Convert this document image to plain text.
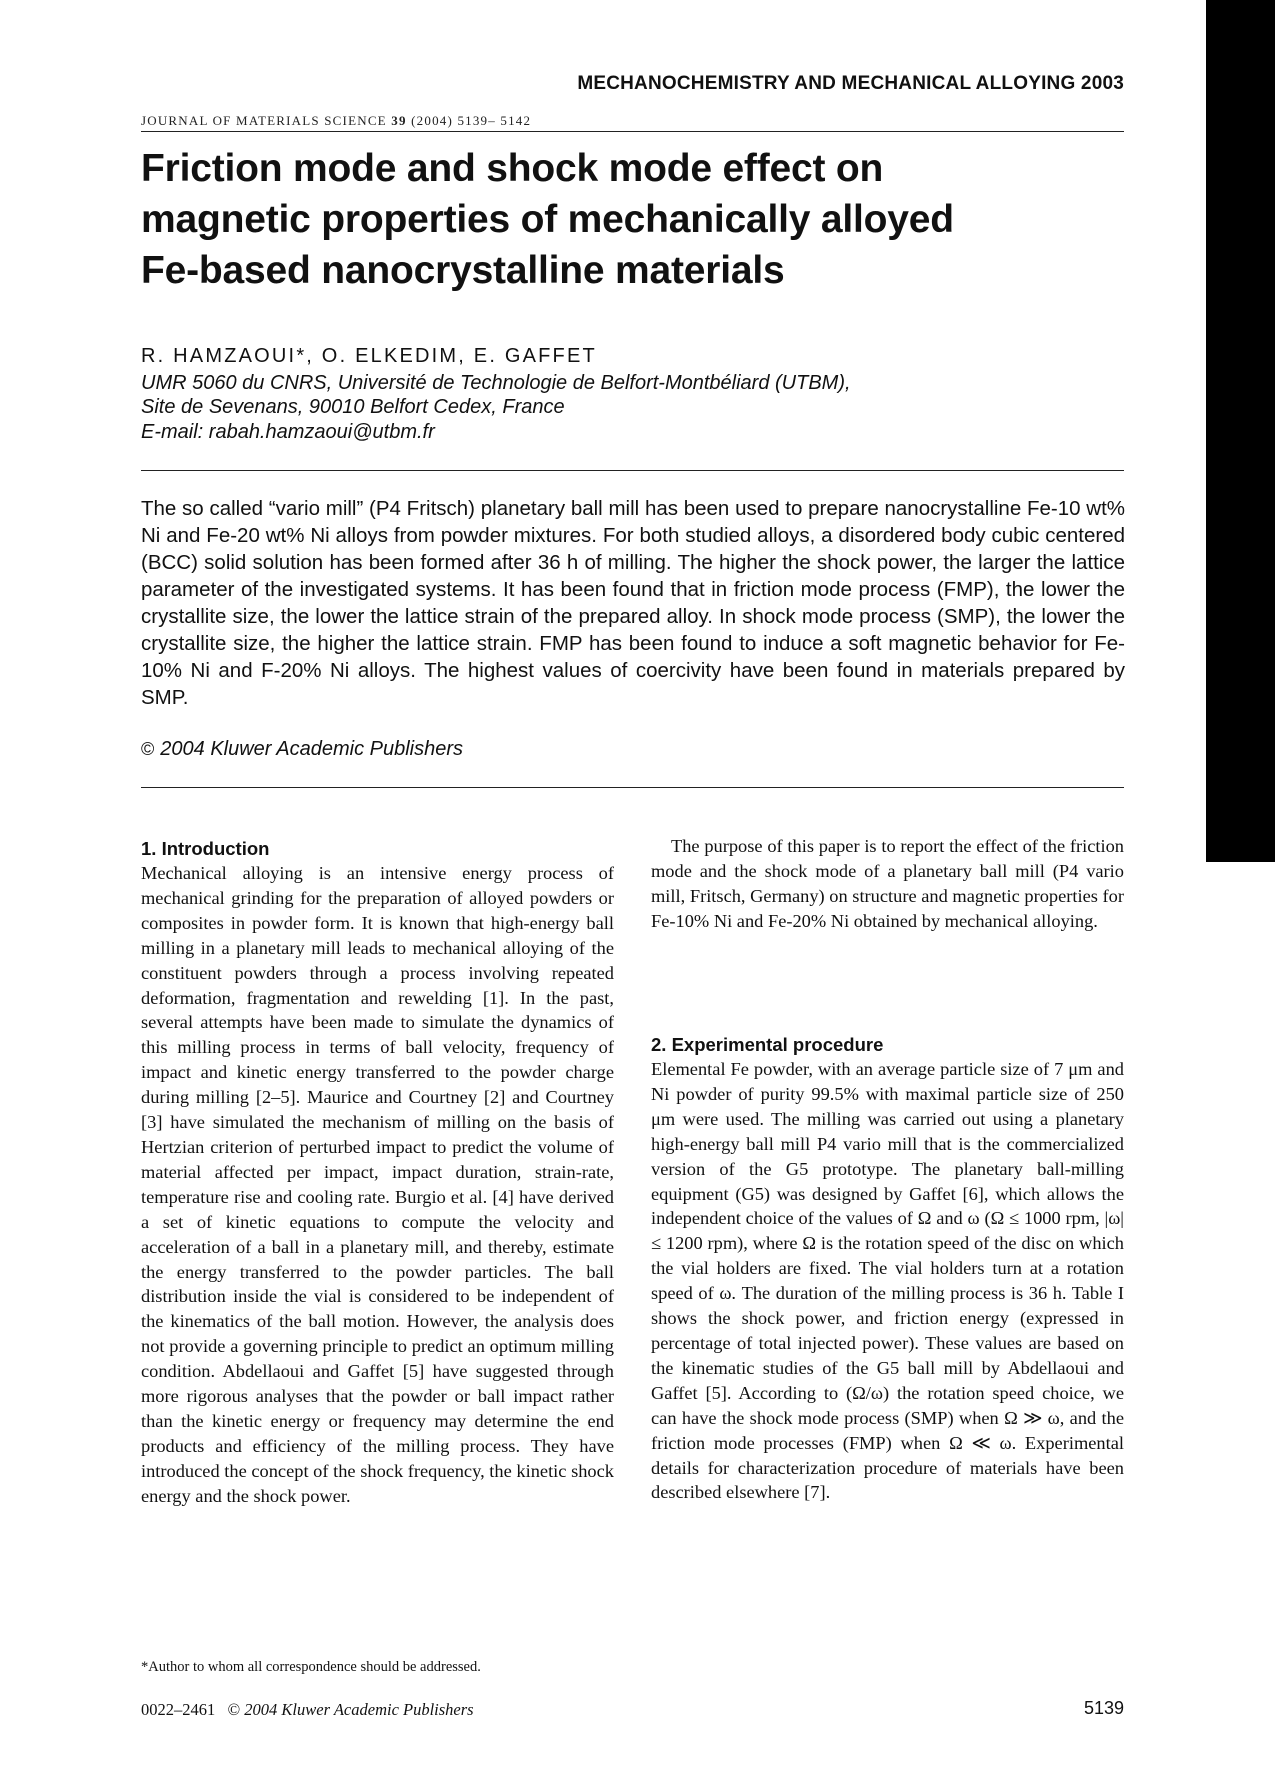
MECHANOCHEMISTRY AND MECHANICAL ALLOYING 2003
JOURNAL OF MATERIALS SCIENCE 39 (2004) 5139– 5142
Friction mode and shock mode effect on
magnetic properties of mechanically alloyed
Fe-based nanocrystalline materials
R. HAMZAOUI*, O. ELKEDIM, E. GAFFET
UMR 5060 du CNRS, Université de Technologie de Belfort-Montbéliard (UTBM),
Site de Sevenans, 90010 Belfort Cedex, France
E-mail: rabah.hamzaoui@utbm.fr
The so called “vario mill” (P4 Fritsch) planetary ball mill has been used to prepare nanocrystalline Fe-10 wt% Ni and Fe-20 wt% Ni alloys from powder mixtures. For both studied alloys, a disordered body cubic centered (BCC) solid solution has been formed after 36 h of milling. The higher the shock power, the larger the lattice parameter of the investigated systems. It has been found that in friction mode process (FMP), the lower the crystallite size, the lower the lattice strain of the prepared alloy. In shock mode process (SMP), the lower the crystallite size, the higher the lattice strain. FMP has been found to induce a soft magnetic behavior for Fe-10% Ni and F-20% Ni alloys. The highest values of coercivity have been found in materials prepared by SMP.
© 2004 Kluwer Academic Publishers
1. Introduction

Mechanical alloying is an intensive energy process of mechanical grinding for the preparation of alloyed powders or composites in powder form. It is known that high-energy ball milling in a planetary mill leads to mechanical alloying of the constituent powders through a process involving repeated deformation, fragmentation and rewelding [1]. In the past, several attempts have been made to simulate the dynamics of this milling process in terms of ball velocity, frequency of impact and kinetic energy transferred to the powder charge during milling [2–5]. Maurice and Courtney [2] and Courtney [3] have simulated the mechanism of milling on the basis of Hertzian criterion of perturbed impact to predict the volume of material affected per impact, impact duration, strain-rate, temperature rise and cooling rate. Burgio et al. [4] have derived a set of kinetic equations to compute the velocity and acceleration of a ball in a planetary mill, and thereby, estimate the energy transferred to the powder particles. The ball distribution inside the vial is considered to be independent of the kinematics of the ball motion. However, the analysis does not provide a governing principle to predict an optimum milling condition. Abdellaoui and Gaffet [5] have suggested through more rigorous analyses that the powder or ball impact rather than the kinetic energy or frequency may determine the end products and efficiency of the milling process. They have introduced the concept of the shock frequency, the kinetic shock energy and the shock power.

The purpose of this paper is to report the effect of the friction mode and the shock mode of a planetary ball mill (P4 vario mill, Fritsch, Germany) on structure and magnetic properties for Fe-10% Ni and Fe-20% Ni obtained by mechanical alloying.

2. Experimental procedure

Elemental Fe powder, with an average particle size of 7 μm and Ni powder of purity 99.5% with maximal particle size of 250 μm were used. The milling was carried out using a planetary high-energy ball mill P4 vario mill that is the commercialized version of the G5 prototype. The planetary ball-milling equipment (G5) was designed by Gaffet [6], which allows the independent choice of the values of Ω and ω (Ω ≤ 1000 rpm, |ω| ≤ 1200 rpm), where Ω is the rotation speed of the disc on which the vial holders are fixed. The vial holders turn at a rotation speed of ω. The duration of the milling process is 36 h. Table I shows the shock power, and friction energy (expressed in percentage of total injected power). These values are based on the kinematic studies of the G5 ball mill by Abdellaoui and Gaffet [5]. According to (Ω/ω) the rotation speed choice, we can have the shock mode process (SMP) when Ω ≫ ω, and the friction mode processes (FMP) when Ω ≪ ω. Experimental details for characterization procedure of materials have been described elsewhere [7].

*Author to whom all correspondence should be addressed.
0022–2461 © 2004 Kluwer Academic Publishers	5139
